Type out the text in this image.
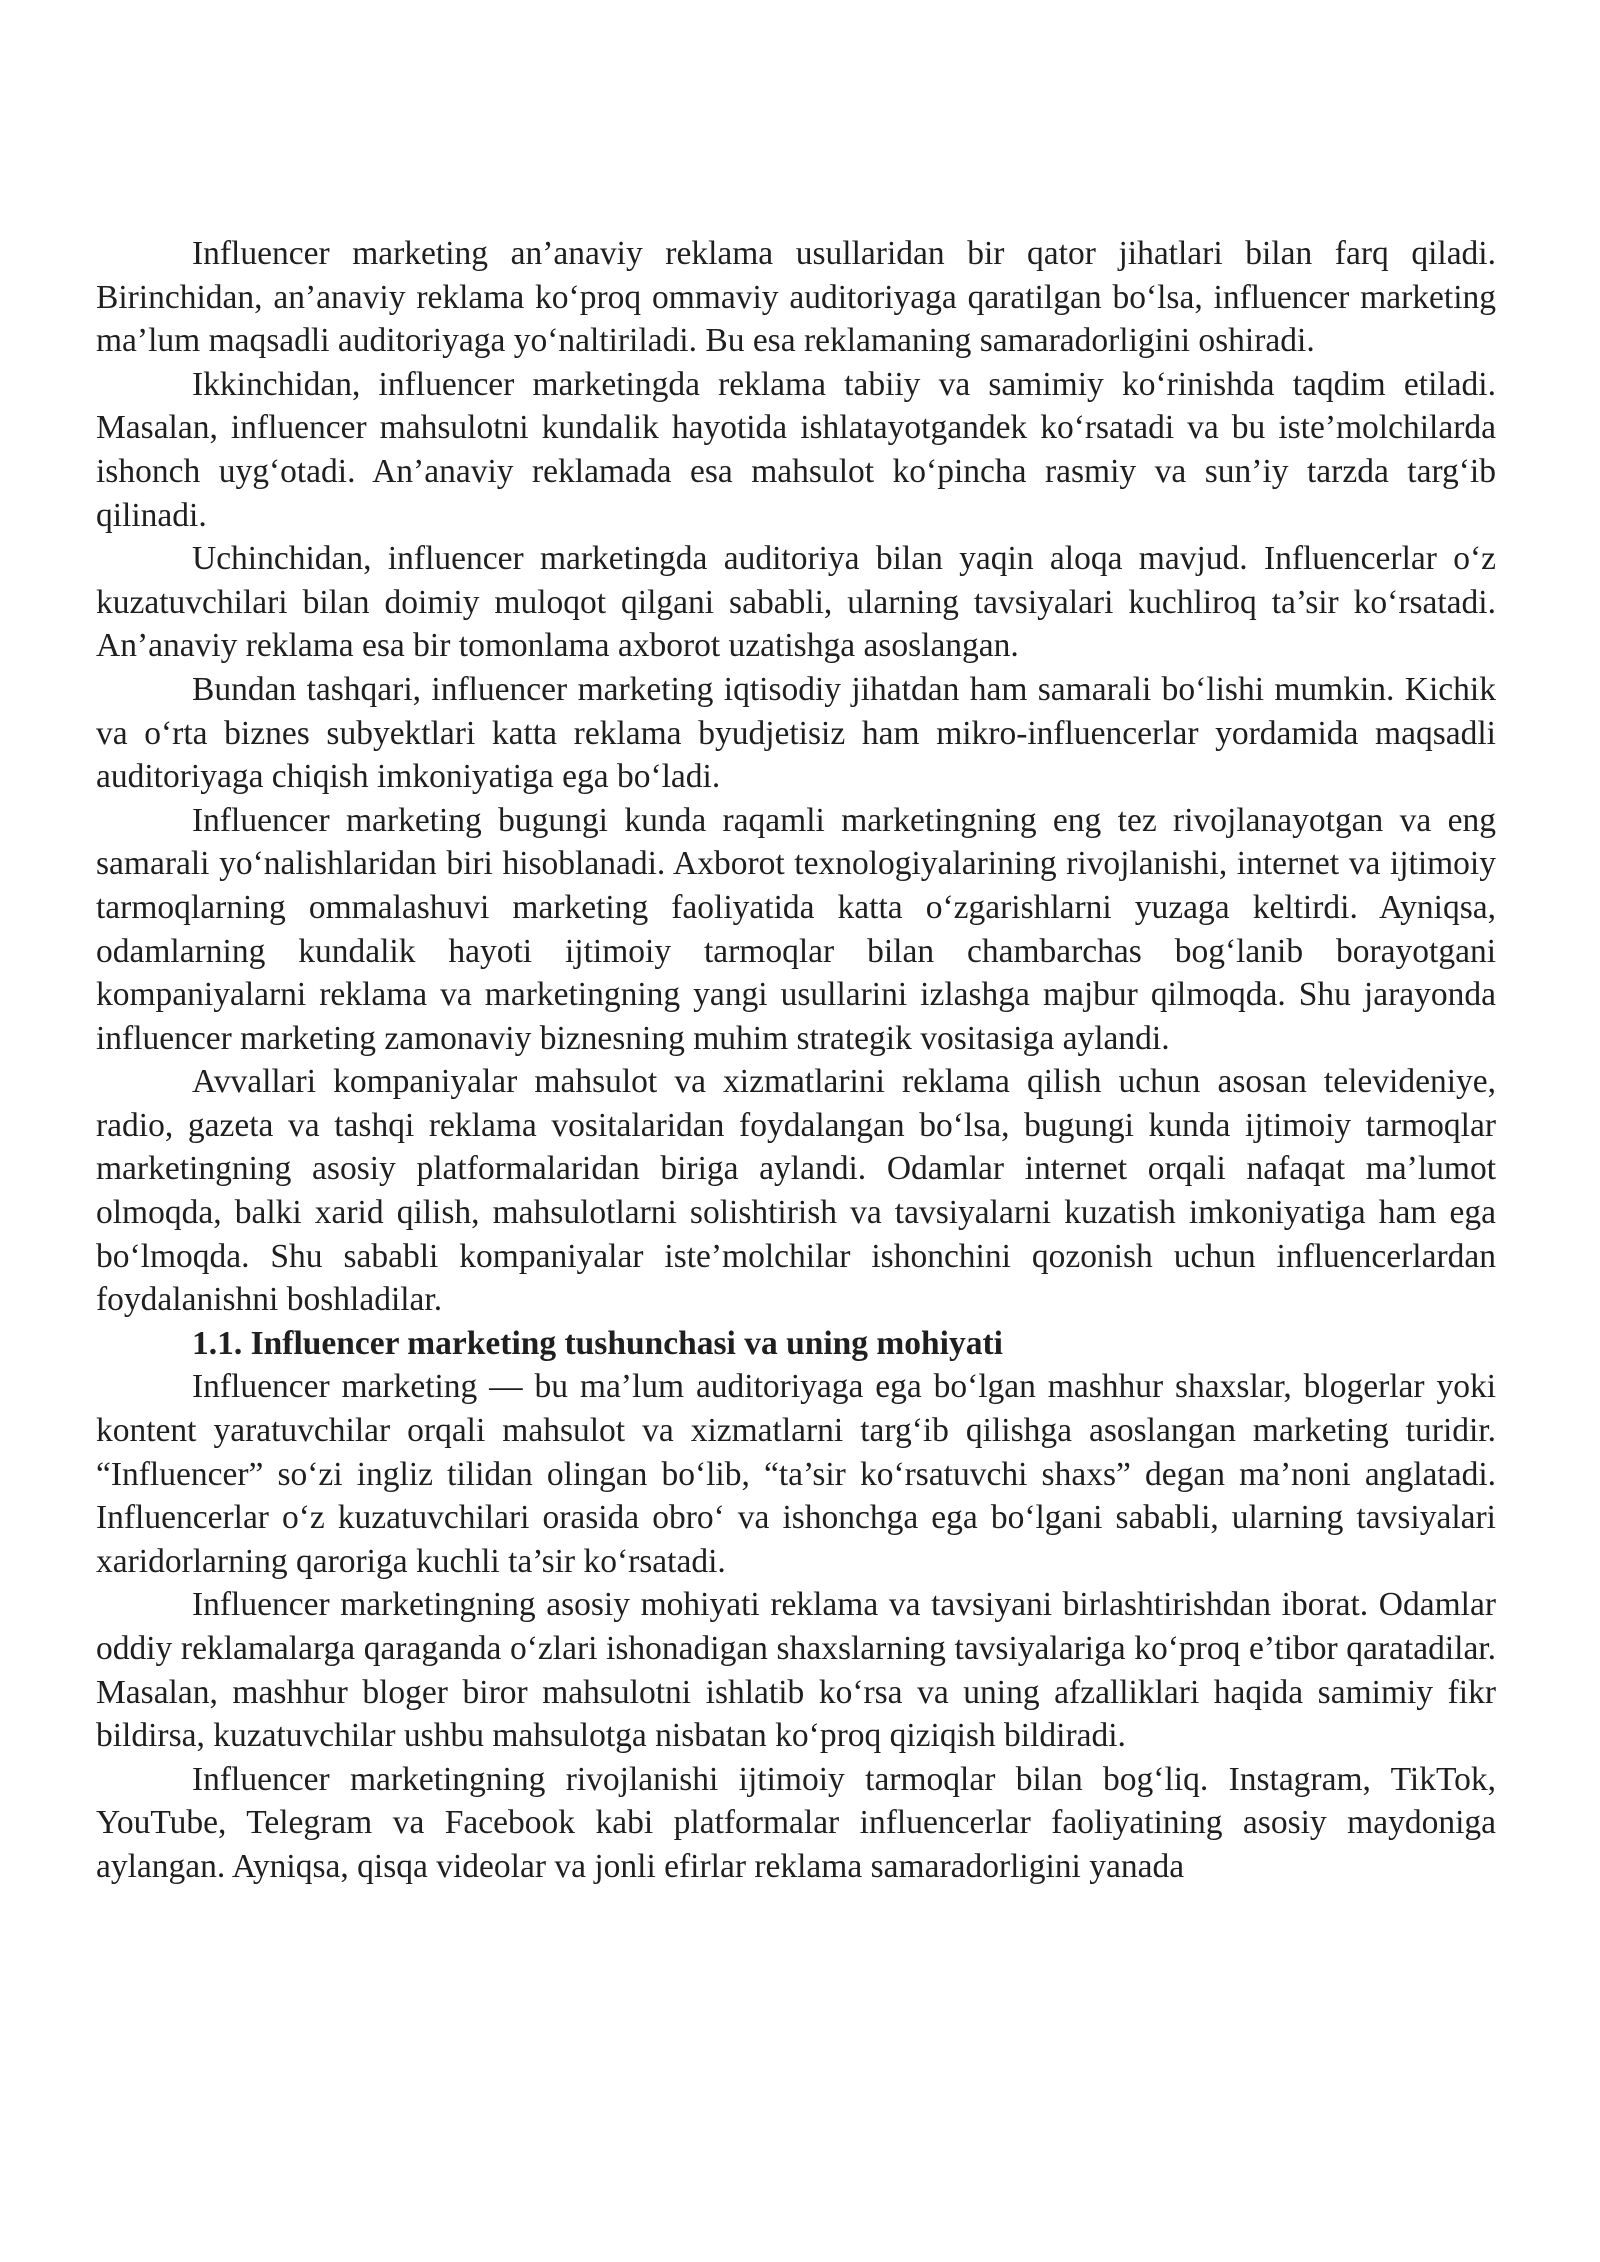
Influencer marketing an’anaviy reklama usullaridan bir qator jihatlari bilan farq qiladi. Birinchidan, an’anaviy reklama ko‘proq ommaviy auditoriyaga qaratilgan bo‘lsa, influencer marketing ma’lum maqsadli auditoriyaga yo‘naltiriladi. Bu esa reklamaning samaradorligini oshiradi.

Ikkinchidan, influencer marketingda reklama tabiiy va samimiy ko‘rinishda taqdim etiladi. Masalan, influencer mahsulotni kundalik hayotida ishlatayotgandek ko‘rsatadi va bu iste’molchilarda ishonch uyg‘otadi. An’anaviy reklamada esa mahsulot ko‘pincha rasmiy va sun’iy tarzda targ‘ib qilinadi.

Uchinchidan, influencer marketingda auditoriya bilan yaqin aloqa mavjud. Influencerlar o‘z kuzatuvchilari bilan doimiy muloqot qilgani sababli, ularning tavsiyalari kuchliroq ta’sir ko‘rsatadi. An’anaviy reklama esa bir tomonlama axborot uzatishga asoslangan.

Bundan tashqari, influencer marketing iqtisodiy jihatdan ham samarali bo‘lishi mumkin. Kichik va o‘rta biznes subyektlari katta reklama byudjetisiz ham mikro-influencerlar yordamida maqsadli auditoriyaga chiqish imkoniyatiga ega bo‘ladi.

Influencer marketing bugungi kunda raqamli marketingning eng tez rivojlanayotgan va eng samarali yo‘nalishlaridan biri hisoblanadi. Axborot texnologiyalarining rivojlanishi, internet va ijtimoiy tarmoqlarning ommalashuvi marketing faoliyatida katta o‘zgarishlarni yuzaga keltirdi. Ayniqsa, odamlarning kundalik hayoti ijtimoiy tarmoqlar bilan chambarchas bog‘lanib borayotgani kompaniyalarni reklama va marketingning yangi usullarini izlashga majbur qilmoqda. Shu jarayonda influencer marketing zamonaviy biznesning muhim strategik vositasiga aylandi.

Avvallari kompaniyalar mahsulot va xizmatlarini reklama qilish uchun asosan televideniye, radio, gazeta va tashqi reklama vositalaridan foydalangan bo‘lsa, bugungi kunda ijtimoiy tarmoqlar marketingning asosiy platformalaridan biriga aylandi. Odamlar internet orqali nafaqat ma’lumot olmoqda, balki xarid qilish, mahsulotlarni solishtirish va tavsiyalarni kuzatish imkoniyatiga ham ega bo‘lmoqda. Shu sababli kompaniyalar iste’molchilar ishonchini qozonish uchun influencerlardan foydalanishni boshladilar.

1.1. Influencer marketing tushunchasi va uning mohiyati

Influencer marketing — bu ma’lum auditoriyaga ega bo‘lgan mashhur shaxslar, blogerlar yoki kontent yaratuvchilar orqali mahsulot va xizmatlarni targ‘ib qilishga asoslangan marketing turidir. “Influencer” so‘zi ingliz tilidan olingan bo‘lib, “ta’sir ko‘rsatuvchi shaxs” degan ma’noni anglatadi. Influencerlar o‘z kuzatuvchilari orasida obro‘ va ishonchga ega bo‘lgani sababli, ularning tavsiyalari xaridorlarning qaroriga kuchli ta’sir ko‘rsatadi.

Influencer marketingning asosiy mohiyati reklama va tavsiyani birlashtirishdan iborat. Odamlar oddiy reklamalarga qaraganda o‘zlari ishonadigan shaxslarning tavsiyalariga ko‘proq e’tibor qaratadilar. Masalan, mashhur bloger biror mahsulotni ishlatib ko‘rsa va uning afzalliklari haqida samimiy fikr bildirsa, kuzatuvchilar ushbu mahsulotga nisbatan ko‘proq qiziqish bildiradi.

Influencer marketingning rivojlanishi ijtimoiy tarmoqlar bilan bog‘liq. Instagram, TikTok, YouTube, Telegram va Facebook kabi platformalar influencerlar faoliyatining asosiy maydoniga aylangan. Ayniqsa, qisqa videolar va jonli efirlar reklama samaradorligini yanada
